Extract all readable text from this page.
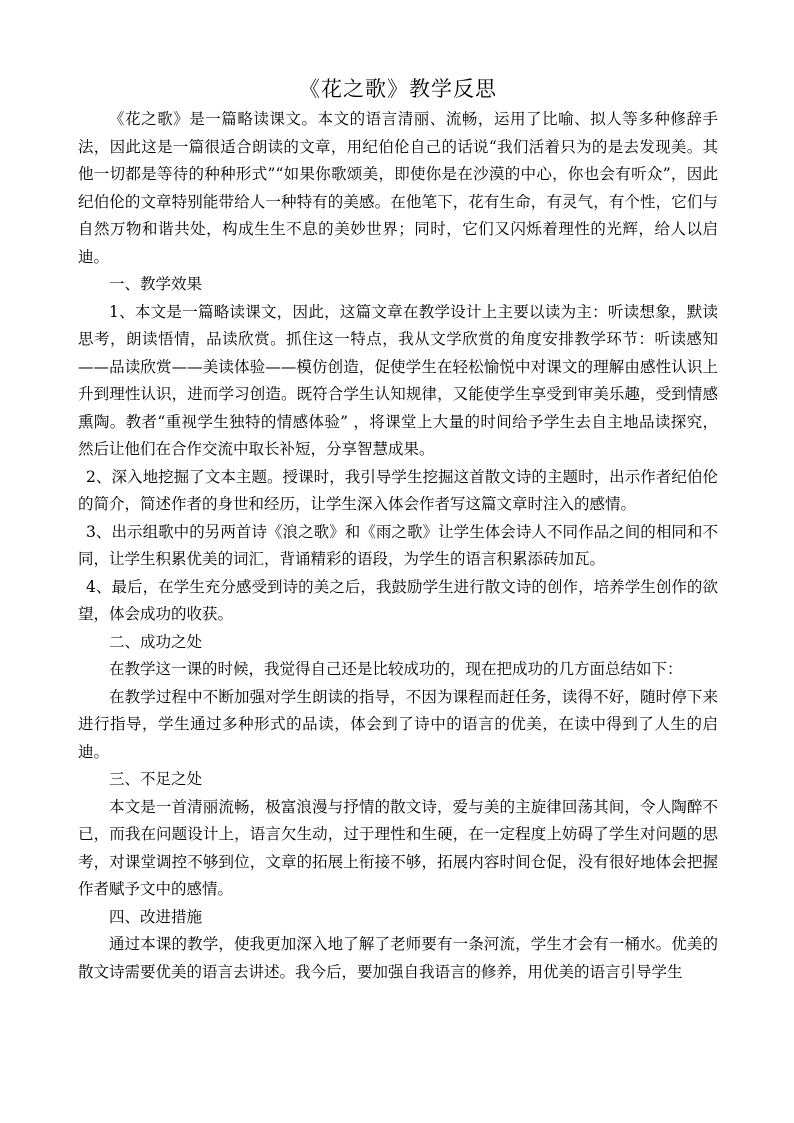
《花之歌》教学反思

《花之歌》是一篇略读课文。本文的语言清丽、流畅，运用了比喻、拟人等多种修辞手法，因此这是一篇很适合朗读的文章，用纪伯伦自己的话说“我们活着只为的是去发现美。其他一切都是等待的种种形式”“如果你歌颂美，即使你是在沙漠的中心，你也会有听众”，因此纪伯伦的文章特别能带给人一种特有的美感。在他笔下，花有生命，有灵气，有个性，它们与自然万物和谐共处，构成生生不息的美妙世界；同时，它们又闪烁着理性的光辉，给人以启迪。

一、教学效果

1、本文是一篇略读课文，因此，这篇文章在教学设计上主要以读为主：听读想象，默读思考，朗读悟情，品读欣赏。抓住这一特点，我从文学欣赏的角度安排教学环节：听读感知——品读欣赏——美读体验——模仿创造，促使学生在轻松愉悦中对课文的理解由感性认识上升到理性认识，进而学习创造。既符合学生认知规律，又能使学生享受到审美乐趣，受到情感熏陶。教者“重视学生独特的情感体验” ，将课堂上大量的时间给予学生去自主地品读探究，然后让他们在合作交流中取长补短，分享智慧成果。

2、深入地挖掘了文本主题。授课时，我引导学生挖掘这首散文诗的主题时，出示作者纪伯伦的简介，简述作者的身世和经历，让学生深入体会作者写这篇文章时注入的感情。

3、出示组歌中的另两首诗《浪之歌》和《雨之歌》让学生体会诗人不同作品之间的相同和不同，让学生积累优美的词汇，背诵精彩的语段，为学生的语言积累添砖加瓦。

4、最后，在学生充分感受到诗的美之后，我鼓励学生进行散文诗的创作，培养学生创作的欲望，体会成功的收获。

二、成功之处

在教学这一课的时候，我觉得自己还是比较成功的，现在把成功的几方面总结如下：

在教学过程中不断加强对学生朗读的指导，不因为课程而赶任务，读得不好，随时停下来进行指导，学生通过多种形式的品读，体会到了诗中的语言的优美，在读中得到了人生的启迪。

三、不足之处

本文是一首清丽流畅，极富浪漫与抒情的散文诗，爱与美的主旋律回荡其间，令人陶醉不已，而我在问题设计上，语言欠生动，过于理性和生硬，在一定程度上妨碍了学生对问题的思考，对课堂调控不够到位，文章的拓展上衔接不够，拓展内容时间仓促，没有很好地体会把握作者赋予文中的感情。

四、改进措施

通过本课的教学，使我更加深入地了解了老师要有一条河流，学生才会有一桶水。优美的散文诗需要优美的语言去讲述。我今后，要加强自我语言的修养，用优美的语言引导学生
